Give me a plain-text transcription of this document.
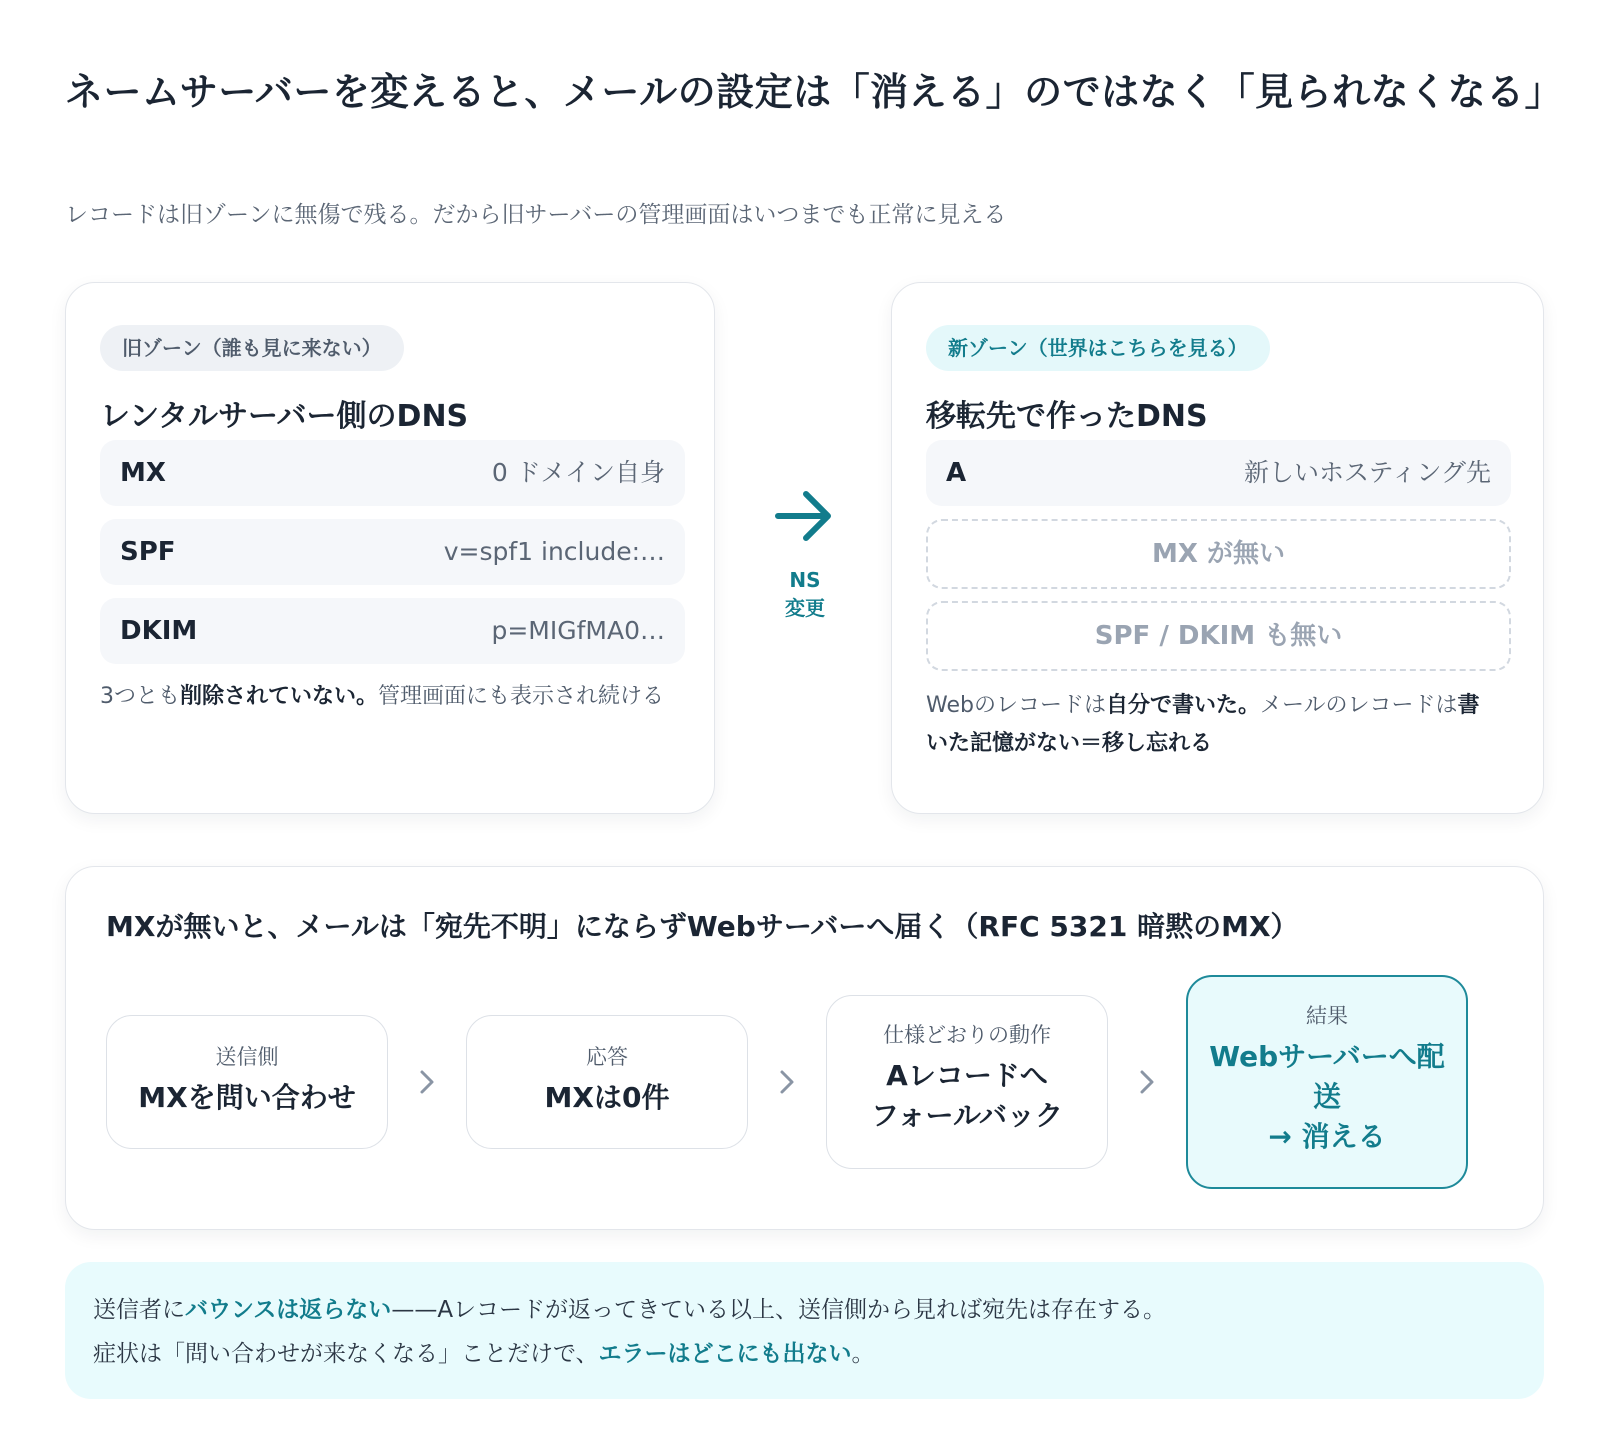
ネームサーバーを変えると、メールの設定は「消える」のではなく「見られなくなる」

レコードは旧ゾーンに無傷で残る。だから旧サーバーの管理画面はいつまでも正常に見える

旧ゾーン（誰も見に来ない）
レンタルサーバー側のDNS
MX	0 ドメイン自身
SPF	v=spf1 include:…
DKIM	p=MIGfMA0…

3つとも削除されていない。管理画面にも表示され続ける

NS
変更
新ゾーン（世界はこちらを見る）
移転先で作ったDNS
A	新しいホスティング先
MX が無い
SPF / DKIM も無い

Webのレコードは自分で書いた。メールのレコードは書いた記憶がない＝移し忘れる

MXが無いと、メールは「宛先不明」にならずWebサーバーへ届く（RFC 5321 暗黙のMX）
送信側
MXを問い合わせ
応答
MXは0件
仕様どおりの動作
Aレコードへ
フォールバック
結果
Webサーバーへ配
送
→ 消える
送信者にバウンスは返らない——Aレコードが返ってきている以上、送信側から見れば宛先は存在する。
症状は「問い合わせが来なくなる」ことだけで、エラーはどこにも出ない。
